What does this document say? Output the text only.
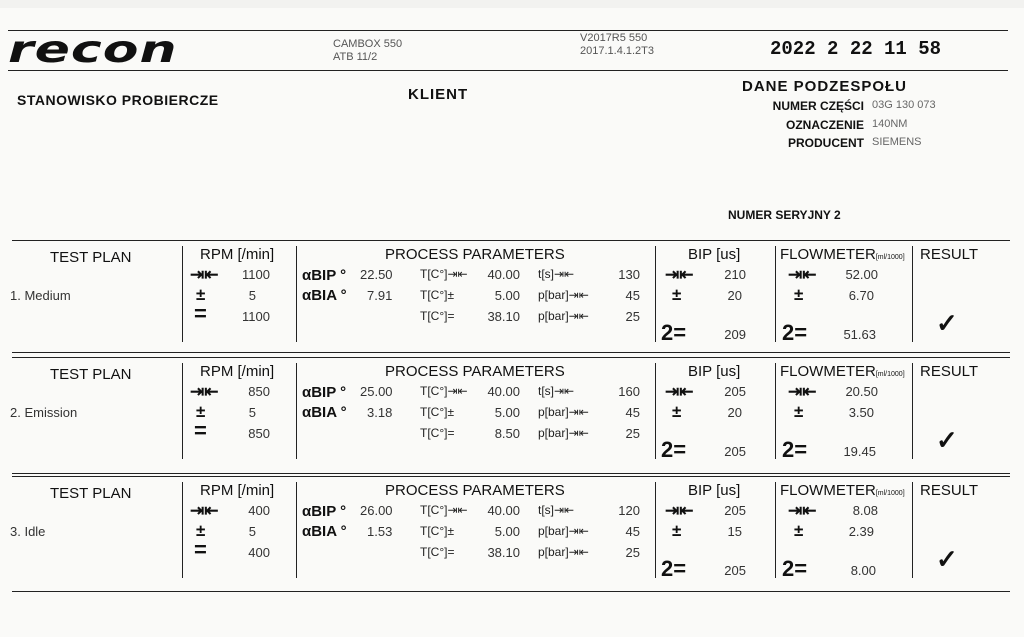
recon	CAMBOX 550
ATB 11/2
V2017R5 550
2017.1.4.1.2T3	2022 2 22 11 58
STANOWISKO PROBIERCZE	KLIENT	DANE PODZESPOŁU
NUMER CZĘŚCI 03G 130 073
OZNACZENIE 140NM
PRODUCENT SIEMENS
NUMER SERYJNY 2
TEST PLAN
1. Medium
RPM [/min]
⇥⇤
±
=
1100
5
1100
PROCESS PARAMETERS
αBIP °
αBIA °
22.50
7.91
T[C°]⇥⇤
T[C°]±
T[C°]=
40.00
5.00
38.10
t[s]⇥⇤
p[bar]⇥⇤
p[bar]⇥⇤
130
45
25
BIP [us]
⇥⇤
±
2=
210
20
209
FLOWMETER[ml/1000]
⇥⇤
±
2=
52.00
6.70
51.63
RESULT
✓
TEST PLAN
2. Emission
RPM [/min]
⇥⇤
±
=
850
5
850
PROCESS PARAMETERS
αBIP °
αBIA °
25.00
3.18
T[C°]⇥⇤
T[C°]±
T[C°]=
40.00
5.00
8.50
t[s]⇥⇤
p[bar]⇥⇤
p[bar]⇥⇤
160
45
25
BIP [us]
⇥⇤
±
2=
205
20
205
FLOWMETER[ml/1000]
⇥⇤
±
2=
20.50
3.50
19.45
RESULT
✓
TEST PLAN
3. Idle
RPM [/min]
⇥⇤
±
=
400
5
400
PROCESS PARAMETERS
αBIP °
αBIA °
26.00
1.53
T[C°]⇥⇤
T[C°]±
T[C°]=
40.00
5.00
38.10
t[s]⇥⇤
p[bar]⇥⇤
p[bar]⇥⇤
120
45
25
BIP [us]
⇥⇤
±
2=
205
15
205
FLOWMETER[ml/1000]
⇥⇤
±
2=
8.08
2.39
8.00
RESULT
✓
